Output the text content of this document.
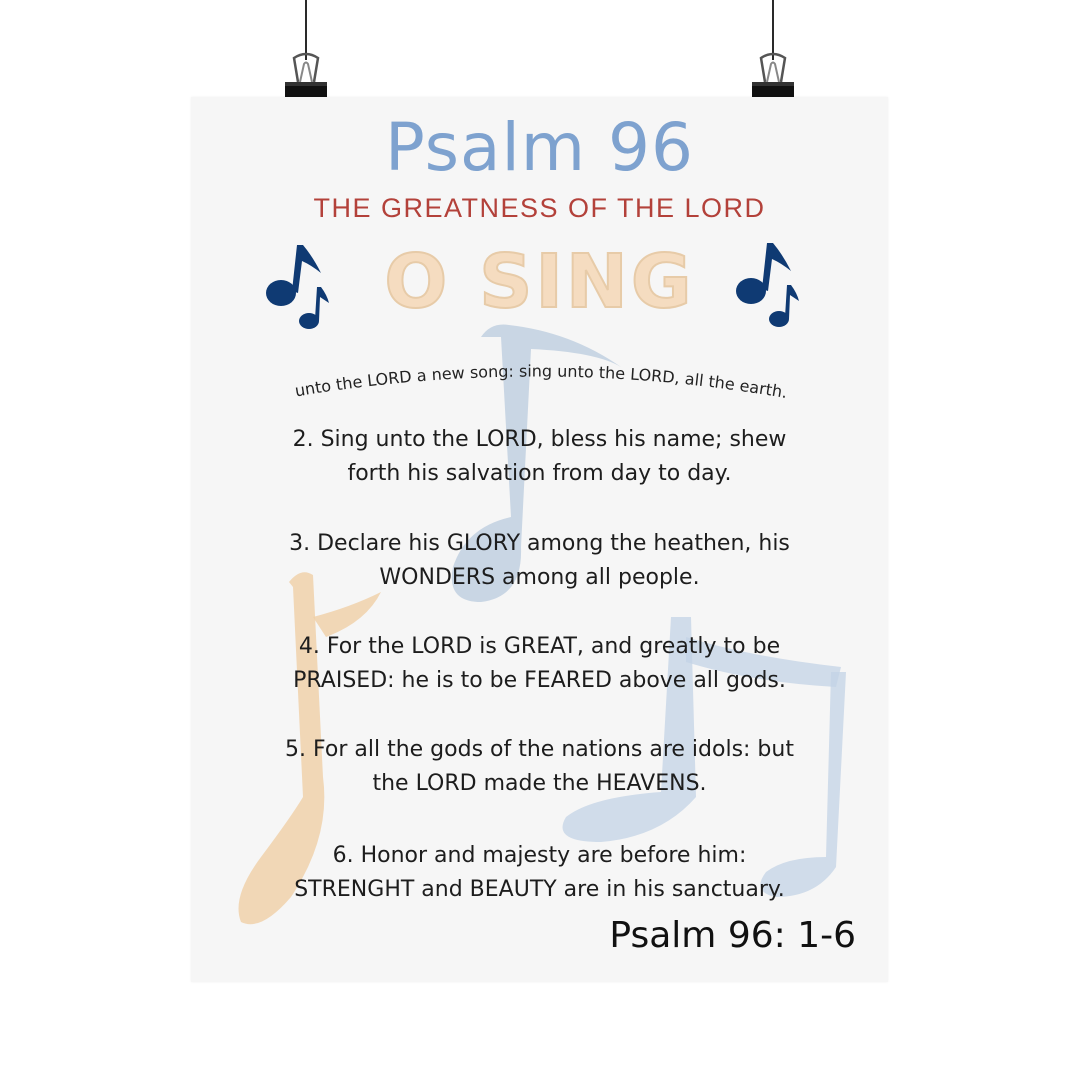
Psalm 96
THE GREATNESS OF THE LORD
O SING
unto the LORD a new song: sing unto the LORD, all the earth.
2. Sing unto the LORD, bless his name; shew
forth his salvation from day to day.
3. Declare his GLORY among the heathen, his
WONDERS among all people.
4. For the LORD is GREAT, and greatly to be
PRAISED: he is to be FEARED above all gods.
5. For all the gods of the nations are idols: but
the LORD made the HEAVENS.
6. Honor and majesty are before him:
STRENGHT and BEAUTY are in his sanctuary.
Psalm 96: 1-6
